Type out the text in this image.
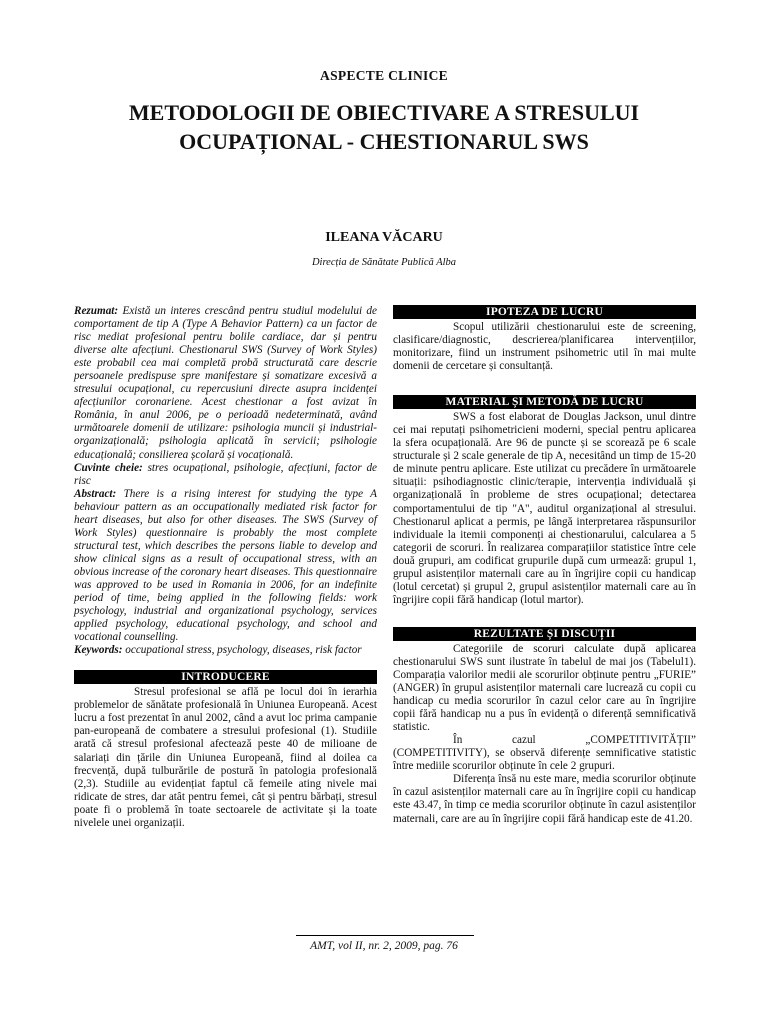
ASPECTE CLINICE
METODOLOGII DE OBIECTIVARE A STRESULUI
OCUPAȚIONAL - CHESTIONARUL SWS
ILEANA VĂCARU
Direcția de Sănătate Publică Alba

Rezumat: Există un interes crescând pentru studiul modelului de comportament de tip A (Type A Behavior Pattern) ca un factor de risc mediat profesional pentru bolile cardiace, dar și pentru diverse alte afecțiuni. Chestionarul SWS (Survey of Work Styles) este probabil cea mai completă probă structurată care descrie persoanele predispuse spre manifestare și somatizare excesivă a stresului ocupațional, cu repercusiuni directe asupra incidenței afecțiunilor coronariene. Acest chestionar a fost avizat în România, în anul 2006, pe o perioadă nedeterminată, având următoarele domenii de utilizare: psihologia muncii și industrial-organizațională; psihologia aplicată în servicii; psihologie educațională; consilierea școlară și vocațională.

Cuvinte cheie: stres ocupațional, psihologie, afecțiuni, factor de risc

Abstract: There is a rising interest for studying the type A behaviour pattern as an occupationally mediated risk factor for heart diseases, but also for other diseases. The SWS (Survey of Work Styles) questionnaire is probably the most complete structural test, which describes the persons liable to develop and show clinical signs as a result of occupational stress, with an obvious increase of the coronary heart diseases. This questionnaire was approved to be used in Romania in 2006, for an indefinite period of time, being applied in the following fields: work psychology, industrial and organizational psychology, services applied psychology, educational psychology, and school and vocational counselling.

Keywords: occupational stress, psychology, diseases, risk factor

INTRODUCERE

Stresul profesional se află pe locul doi în ierarhia problemelor de sănătate profesională în Uniunea Europeană. Acest lucru a fost prezentat în anul 2002, când a avut loc prima campanie pan-europeană de combatere a stresului profesional (1). Studiile arată că stresul profesional afectează peste 40 de milioane de salariați din țările din Uniunea Europeană, fiind al doilea ca frecvență, după tulburările de postură în patologia profesională (2,3). Studiile au evidențiat faptul că femeile ating nivele mai ridicate de stres, dar atât pentru femei, cât și pentru bărbați, stresul poate fi o problemă în toate sectoarele de activitate și la toate nivelele unei organizații.

IPOTEZA DE LUCRU

Scopul utilizării chestionarului este de screening, clasificare/diagnostic, descrierea/planificarea intervențiilor, monitorizare, fiind un instrument psihometric util în mai multe domenii de cercetare și consultanță.

MATERIAL ȘI METODĂ DE LUCRU

SWS a fost elaborat de Douglas Jackson, unul dintre cei mai reputați psihometricieni moderni, special pentru aplicarea la sfera ocupațională. Are 96 de puncte și se scorează pe 6 scale structurale și 2 scale generale de tip A, necesitând un timp de 15-20 de minute pentru aplicare. Este utilizat cu precădere în următoarele situații: psihodiagnostic clinic/terapie, intervenția individuală și organizațională în probleme de stres ocupațional; detectarea comportamentului de tip "A", auditul organizațional al stresului. Chestionarul aplicat a permis, pe lângă interpretarea răspunsurilor individuale la itemii componenți ai chestionarului, calcularea a 5 categorii de scoruri. În realizarea comparațiilor statistice între cele două grupuri, am codificat grupurile după cum urmează: grupul 1, grupul asistenților maternali care au în îngrijire copii cu handicap (lotul cercetat) și grupul 2, grupul asistenților maternali care au în îngrijire copii fără handicap (lotul martor).

REZULTATE ȘI DISCUȚII

Categoriile de scoruri calculate după aplicarea chestionarului SWS sunt ilustrate în tabelul de mai jos (Tabelul1). Comparația valorilor medii ale scorurilor obținute pentru „FURIE” (ANGER) în grupul asistenților maternali care lucrează cu copii cu handicap cu media scorurilor în cazul celor care au în îngrijire copii fără handicap nu a pus în evidență o diferență semnificativă statistic.

În cazul „COMPETITIVITĂȚII” (COMPETITIVITY), se observă diferențe semnificative statistic între mediile scorurilor obținute în cele 2 grupuri.

Diferența însă nu este mare, media scorurilor obținute în cazul asistenților maternali care au în îngrijire copii cu handicap este 43.47, în timp ce media scorurilor obținute în cazul asistenților maternali, care are au în îngrijire copii fără handicap este de 41.20.

AMT, vol II, nr. 2, 2009, pag. 76
